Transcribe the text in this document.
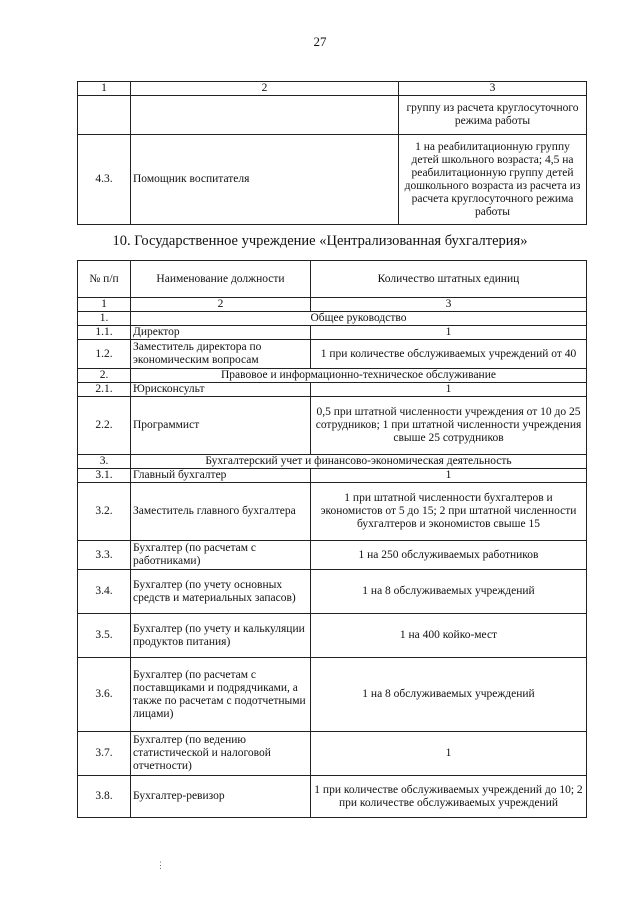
27
1	2	3
		группу из расчета круглосуточного режима работы
4.3.	Помощник воспитателя	1 на реабилитационную группу детей школьного возраста; 4,5 на реабилитационную группу детей дошкольного возраста из расчета из расчета круглосуточного режима работы
10. Государственное учреждение «Централизованная бухгалтерия»
№ п/п	Наименование должности	Количество штатных единиц
1	2	3
1.	Общее руководство	
1.1.	Директор	1
1.2.	Заместитель директора по экономическим вопросам	1 при количестве обслуживаемых учреждений от 40
2.	Правовое и информационно-техническое обслуживание	
2.1.	Юрисконсульт	1
2.2.	Программист	0,5 при штатной численности учреждения от 10 до 25 сотрудников; 1 при штатной численности учреждения свыше 25 сотрудников
3.	Бухгалтерский учет и финансово-экономическая деятельность	
3.1.	Главный бухгалтер	1
3.2.	Заместитель главного бухгалтера	1 при штатной численности бухгалтеров и экономистов от 5 до 15; 2 при штатной численности бухгалтеров и экономистов свыше 15
3.3.	Бухгалтер (по расчетам с работниками)	1 на 250 обслуживаемых работников
3.4.	Бухгалтер (по учету основных средств и материальных запасов)	1 на 8 обслуживаемых учреждений
3.5.	Бухгалтер (по учету и калькуляции продуктов питания)	1 на 400 койко-мест
3.6.	Бухгалтер (по расчетам с поставщиками и подрядчиками, а также по расчетам с подотчетными лицами)	1 на 8 обслуживаемых учреждений
3.7.	Бухгалтер (по ведению статистической и налоговой отчетности)	1
3.8.	Бухгалтер-ревизор	1 при количестве обслуживаемых учреждений до 10; 2 при количестве обслуживаемых учреждений
⋮
